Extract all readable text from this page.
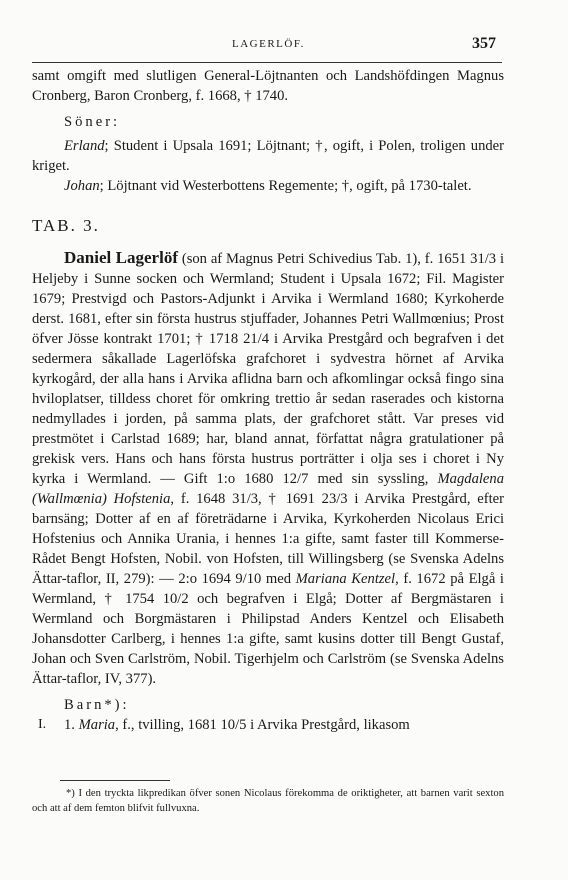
LAGERLÖF.	357

samt omgift med slutligen General-Löjtnanten och Landshöfdingen Magnus Cronberg, Baron Cronberg, f. 1668, † 1740.

Söner:

Erland; Student i Upsala 1691; Löjtnant; †, ogift, i Polen, troligen under kriget.

Johan; Löjtnant vid Westerbottens Regemente; †, ogift, på 1730-talet.

TAB. 3.

Daniel Lagerlöf (son af Magnus Petri Schivedius Tab. 1), f. 1651 31/3 i Heljeby i Sunne socken och Wermland; Student i Upsala 1672; Fil. Magister 1679; Prestvigd och Pastors-Adjunkt i Arvika i Wermland 1680; Kyrkoherde derst. 1681, efter sin första hustrus stjuffader, Johannes Petri Wallmœnius; Prost öfver Jösse kontrakt 1701; † 1718 21/4 i Arvika Prestgård och begrafven i det sedermera såkallade Lagerlöfska grafchoret i sydvestra hörnet af Arvika kyrkogård, der alla hans i Arvika aflidna barn och afkomlingar också fingo sina hviloplatser, tilldess choret för omkring trettio år sedan raserades och kistorna nedmyllades i jorden, på samma plats, der grafchoret stått. Var preses vid prestmötet i Carlstad 1689; har, bland annat, författat några gratulationer på grekisk vers. Hans och hans första hustrus porträtter i olja ses i choret i Ny kyrka i Wermland. — Gift 1:o 1680 12/7 med sin syssling, Magdalena (Wallmœnia) Hofstenia, f. 1648 31/3, † 1691 23/3 i Arvika Prestgård, efter barnsäng; Dotter af en af företrädarne i Arvika, Kyrkoherden Nicolaus Erici Hofstenius och Annika Urania, i hennes 1:a gifte, samt faster till Kommerse-Rådet Bengt Hofsten, Nobil. von Hofsten, till Willingsberg (se Svenska Adelns Ättar-taflor, II, 279): — 2:o 1694 9/10 med Mariana Kentzel, f. 1672 på Elgå i Wermland, † 1754 10/2 och begrafven i Elgå; Dotter af Bergmästaren i Wermland och Borgmästaren i Philipstad Anders Kentzel och Elisabeth Johansdotter Carlberg, i hennes 1:a gifte, samt kusins dotter till Bengt Gustaf, Johan och Sven Carlström, Nobil. Tigerhjelm och Carlström (se Svenska Adelns Ättar-taflor, IV, 377).

Barn*):

I. 1. Maria, f., tvilling, 1681 10/5 i Arvika Prestgård, likasom

*) I den tryckta likpredikan öfver sonen Nicolaus förekomma de oriktigheter, att barnen varit sexton och att af dem femton blifvit fullvuxna.
